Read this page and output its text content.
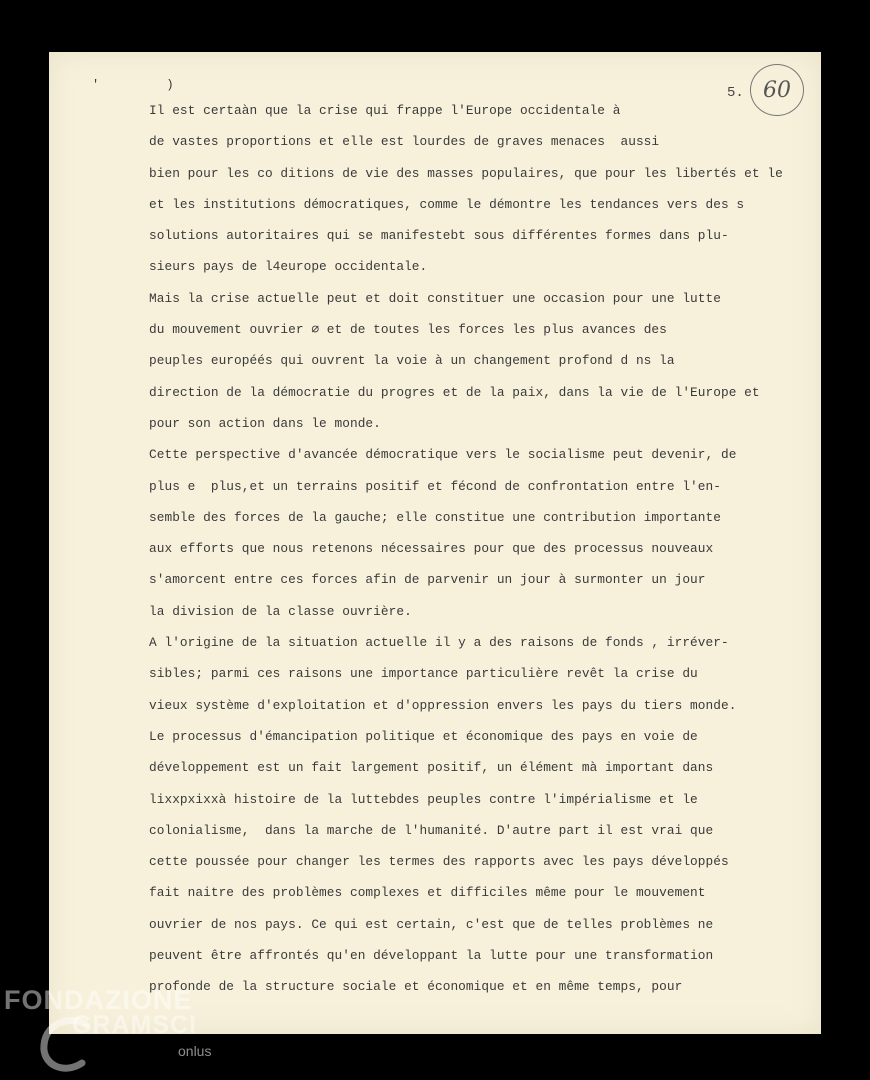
' )	5. 60
Il est certaàn que la crise qui frappe l'Europe occidentale à
de vastes proportions et elle est lourdes de graves menaces  aussi
bien pour les co ditions de vie des masses populaires, que pour les libertés et le
et les institutions démocratiques, comme le démontre les tendances vers des s
solutions autoritaires qui se manifestebt sous différentes formes dans plu-
sieurs pays de l4europe occidentale.
Mais la crise actuelle peut et doit constituer une occasion pour une lutte
du mouvement ouvrier ∅ et de toutes les forces les plus avances des
peuples européés qui ouvrent la voie à un changement profond d ns la
direction de la démocratie du progres et de la paix, dans la vie de l'Europe et
pour son action dans le monde.
Cette perspective d'avancée démocratique vers le socialisme peut devenir, de
plus e  plus,et un terrains positif et fécond de confrontation entre l'en-
semble des forces de la gauche; elle constitue une contribution importante
aux efforts que nous retenons nécessaires pour que des processus nouveaux
s'amorcent entre ces forces afin de parvenir un jour à surmonter un jour
la division de la classe ouvrière.
A l'origine de la situation actuelle il y a des raisons de fonds , irréver-
sibles; parmi ces raisons une importance particulière revêt la crise du
vieux système d'exploitation et d'oppression envers les pays du tiers monde.
Le processus d'émancipation politique et économique des pays en voie de
développement est un fait largement positif, un élément mà important dans
lixxpxixxà histoire de la luttebdes peuples contre l'impérialisme et le
colonialisme,  dans la marche de l'humanité. D'autre part il est vrai que
cette poussée pour changer les termes des rapports avec les pays développés
fait naitre des problèmes complexes et difficiles même pour le mouvement
ouvrier de nos pays. Ce qui est certain, c'est que de telles problèmes ne
peuvent être affrontés qu'en développant la lutte pour une transformation
profonde de la structure sociale et économique et en même temps, pour
FONDAZIONE
GRAMSCI
onlus
